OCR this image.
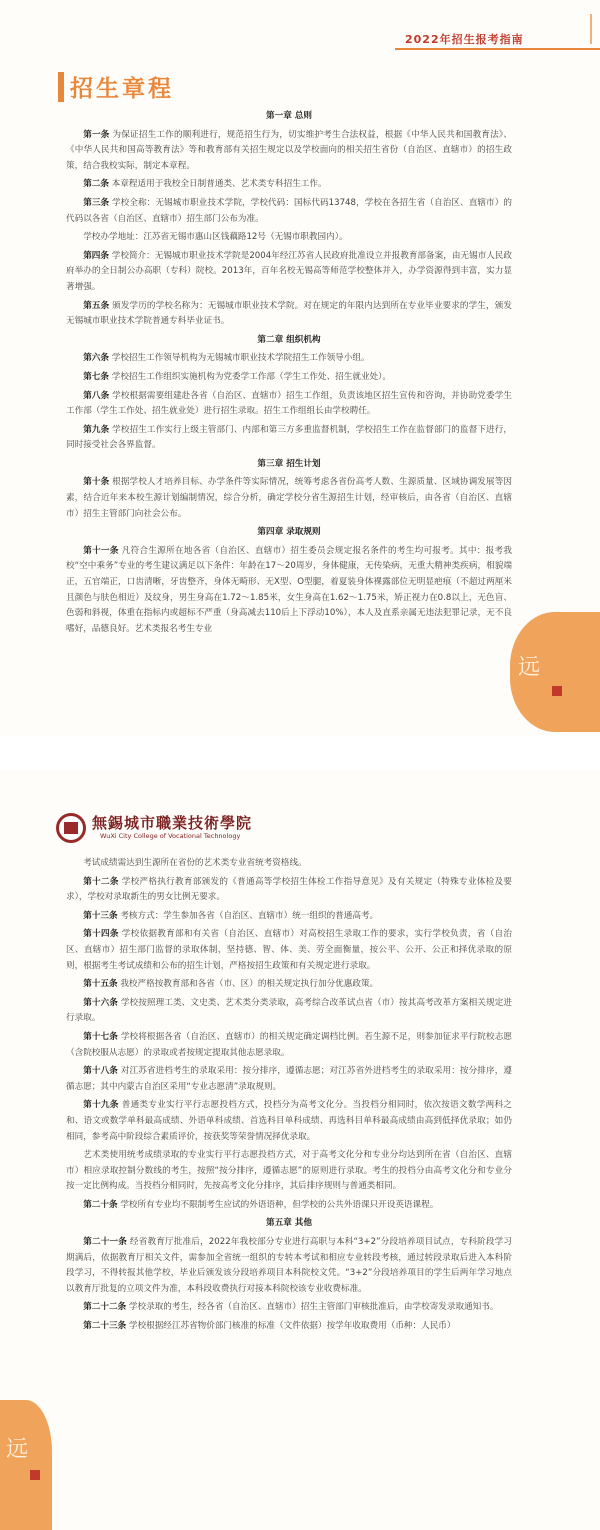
2022年招生报考指南
招生章程

第一章 总则

第一条 为保证招生工作的顺利进行，规范招生行为，切实维护考生合法权益，根据《中华人民共和国教育法》、《中华人民共和国高等教育法》等和教育部有关招生规定以及学校面向的相关招生省份（自治区、直辖市）的招生政策，结合我校实际，制定本章程。

第二条 本章程适用于我校全日制普通类、艺术类专科招生工作。

第三条 学校全称：无锡城市职业技术学院，学校代码：国标代码13748，学校在各招生省（自治区、直辖市）的代码以各省（自治区、直辖市）招生部门公布为准。

学校办学地址：江苏省无锡市惠山区钱藕路12号（无锡市职教园内）。

第四条 学校简介：无锡城市职业技术学院是2004年经江苏省人民政府批准设立并报教育部备案，由无锡市人民政府举办的全日制公办高职（专科）院校。2013年，百年名校无锡高等师范学校整体并入，办学资源得到丰富，实力显著增强。

第五条 颁发学历的学校名称为：无锡城市职业技术学院。对在规定的年限内达到所在专业毕业要求的学生，颁发无锡城市职业技术学院普通专科毕业证书。

第二章 组织机构

第六条 学校招生工作领导机构为无锡城市职业技术学院招生工作领导小组。

第七条 学校招生工作组织实施机构为党委学工作部（学生工作处、招生就业处）。

第八条 学校根据需要组建赴各省（自治区、直辖市）招生工作组，负责该地区招生宣传和咨询，并协助党委学生工作部（学生工作处、招生就业处）进行招生录取。招生工作组组长由学校聘任。

第九条 学校招生工作实行上级主管部门、内部和第三方多重监督机制，学校招生工作在监督部门的监督下进行，同时接受社会各界监督。

第三章 招生计划

第十条 根据学校人才培养目标、办学条件等实际情况，统筹考虑各省份高考人数、生源质量、区域协调发展等因素，结合近年来本校生源计划编制情况，综合分析，确定学校分省生源招生计划，经审核后，由各省（自治区、直辖市）招生主管部门向社会公布。

第四章 录取规则

第十一条 凡符合生源所在地各省（自治区、直辖市）招生委员会规定报名条件的考生均可报考。其中：报考我校“空中乘务”专业的考生建议满足以下条件：年龄在17～20周岁，身体健康，无传染病，无重大精神类疾病，相貌端正，五官端正，口齿清晰，牙齿整齐，身体无畸形、无X型、O型腿，着夏装身体裸露部位无明显疤痕（不超过两厘米且颜色与肤色相近）及纹身，男生身高在1.72～1.85米，女生身高在1.62～1.75米，矫正视力在0.8以上，无色盲、色弱和斜视，体重在指标内或超标不严重（身高减去110后上下浮动10%），本人及直系亲属无违法犯罪记录，无不良嗜好，品德良好。艺术类报名考生专业

远
無錫城市職業技術學院
WuXi City College of Vocational Technology

考试成绩需达到生源所在省份的艺术类专业省统考资格线。

第十二条 学校严格执行教育部颁发的《普通高等学校招生体检工作指导意见》及有关规定（特殊专业体检及要求），学校对录取新生的男女比例无要求。

第十三条 考核方式：学生参加各省（自治区、直辖市）统一组织的普通高考。

第十四条 学校依据教育部和有关省（自治区、直辖市）对高校招生录取工作的要求，实行学校负责，省（自治区、直辖市）招生部门监督的录取体制，坚持德、智、体、美、劳全面衡量，按公平、公开、公正和择优录取的原则，根据考生考试成绩和公布的招生计划，严格按招生政策和有关规定进行录取。

第十五条 我校严格按教育部和各省（市、区）的相关规定执行加分优惠政策。

第十六条 学校按照理工类、文史类、艺术类分类录取，高考综合改革试点省（市）按其高考改革方案相关规定进行录取。

第十七条 学校将根据各省（自治区、直辖市）的相关规定确定调档比例。若生源不足，则参加征求平行院校志愿（含院校服从志愿）的录取或者按规定提取其他志愿录取。

第十八条 对江苏省进档考生的录取采用：按分排序，遵循志愿；对江苏省外进档考生的录取采用：按分排序，遵循志愿；其中内蒙古自治区采用“专业志愿清”录取规则。

第十九条 普通类专业实行平行志愿投档方式，投档分为高考文化分。当投档分相同时，依次按语文数学两科之和、语文或数学单科最高成绩、外语单科成绩、首选科目单科成绩、再选科目单科最高成绩由高到低择优录取；如仍相同，参考高中阶段综合素质评价，按获奖等荣誉情况择优录取。

艺术类使用统考成绩录取的专业实行平行志愿投档方式，对于高考文化分和专业分均达到所在省（自治区、直辖市）相应录取控制分数线的考生，按照“按分排序，遵循志愿”的原则进行录取。考生的投档分由高考文化分和专业分按一定比例构成。当投档分相同时，先按高考文化分排序，其后排序规则与普通类相同。

第二十条 学校所有专业均不限制考生应试的外语语种，但学校的公共外语课只开设英语课程。

第五章 其他

第二十一条 经省教育厅批准后，2022年我校部分专业进行高职与本科“3+2”分段培养项目试点，专科阶段学习期满后，依据教育厅相关文件，需参加全省统一组织的专转本考试和相应专业转段考核，通过转段录取后进入本科阶段学习，不得转报其他学校，毕业后颁发该分段培养项目本科院校文凭。“3+2”分段培养项目的学生后两年学习地点以教育厅批复的立项文件为准，本科段收费执行对接本科院校该专业收费标准。

第二十二条 学校录取的考生，经各省（自治区、直辖市）招生主管部门审核批准后，由学校寄发录取通知书。

第二十三条 学校根据经江苏省物价部门核准的标准（文件依据）按学年收取费用（币种：人民币）

远
